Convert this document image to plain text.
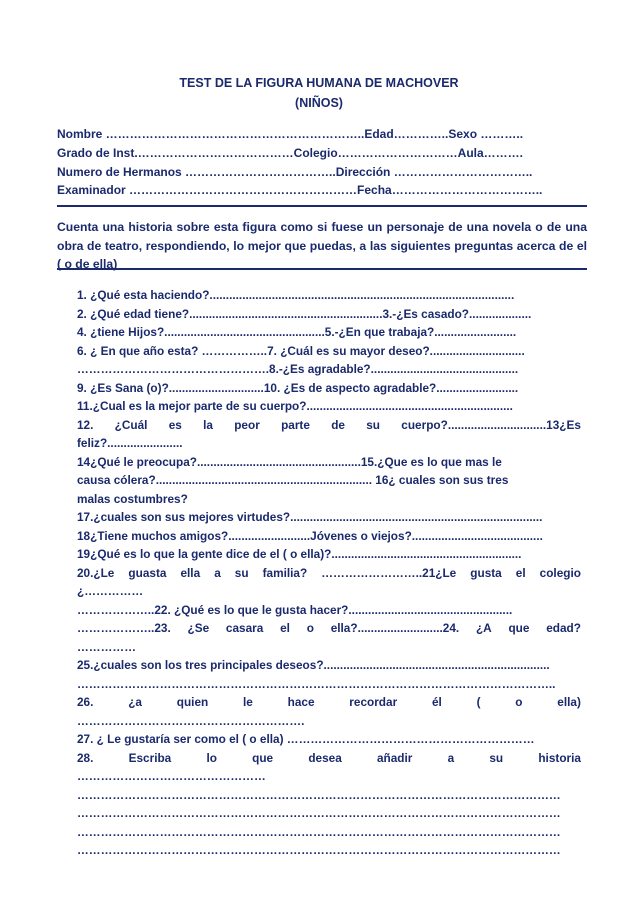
TEST DE LA FIGURA HUMANA DE MACHOVER
(NIÑOS)
Nombre ………………………………………………………..Edad…………..Sexo ………..
Grado de Inst.…………………………………Colegio…………………………Aula……….
Numero de Hermanos ………………………………..Dirección ……………………………..
Examinador …………………………………………………Fecha………………………………..
Cuenta una historia sobre esta figura como si fuese un personaje de una novela o de una obra de teatro, respondiendo, lo mejor que puedas, a las siguientes preguntas acerca de el ( o de ella)
1. ¿Qué esta haciendo?.............................................................................................
2. ¿Qué edad tiene?...........................................................3.-¿Es casado?...................
4. ¿tiene Hijos?.................................................5.-¿En que trabaja?.........................
6. ¿ En que año esta? ……………..7. ¿Cuál es su mayor deseo?.............................
………………………………………….8.-¿Es agradable?.............................................
9. ¿Es Sana (o)?.............................10. ¿Es de aspecto agradable?.........................
11.¿Cual es la mejor parte de su cuerpo?...............................................................
12. ¿Cuál es la peor parte de su cuerpo?..............................13¿Es
feliz?.......................
14¿Qué le preocupa?..................................................15.¿Que es lo que mas le
causa cólera?.................................................................. 16¿ cuales son sus tres
malas costumbres?
17.¿cuales son sus mejores virtudes?.............................................................................
18¿Tiene muchos amigos?.........................Jóvenes o viejos?........................................
19¿Qué es lo que la gente dice de el ( o ella)?..........................................................
20.¿Le guasta ella a su familia? ……………………..21¿Le gusta el colegio
¿……………
………………..22. ¿Qué es lo que le gusta hacer?..................................................
………………..23. ¿Se casara el o ella?..........................24. ¿A que edad?
……………
25.¿cuales son los tres principales deseos?.....................................................................
…………………………………………………………………………………………………………..
26.	¿a	quien	le	hace	recordar	él	(	o	ella)
………………………………………………….
27. ¿ Le gustaría ser como el ( o ella) ………………………………………………………
28.	Escriba	lo	que	desea	añadir	a	su	historia
…………………………………………
……………………………………………………………………………………………………………
……………………………………………………………………………………………………………
……………………………………………………………………………………………………………
……………………………………………………………………………………………………………
